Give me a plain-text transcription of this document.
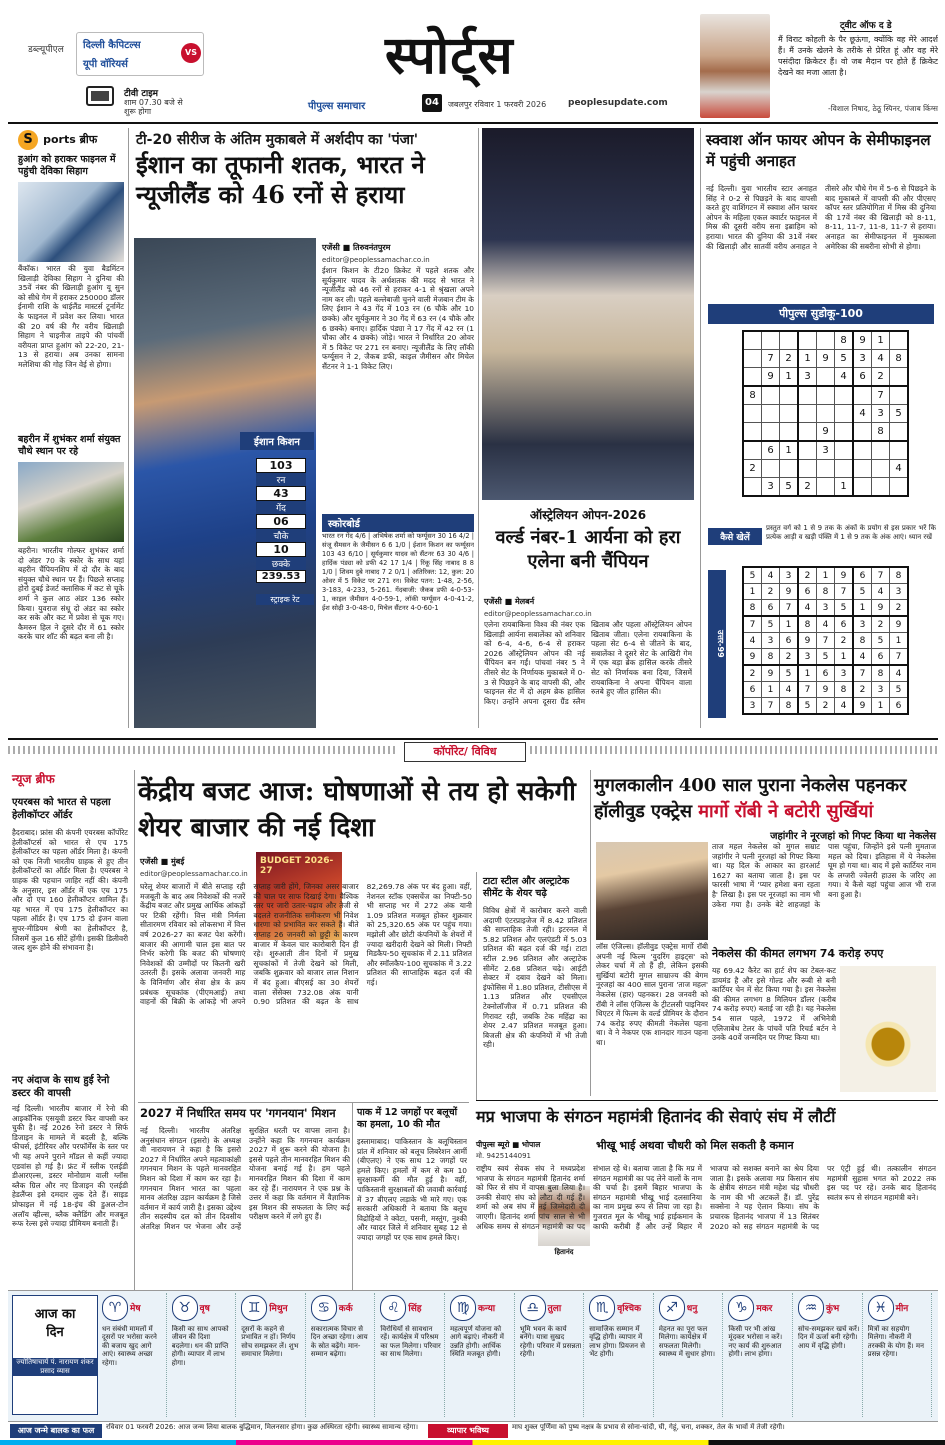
डब्ल्यूपीएल दिल्ली कैपिटल्स
यूपी वॉरियर्स
VS
टीवी टाइम
शाम 07.30 बजे से शुरू होगा
स्पोर्ट्स
पीपुल्स समाचार	04	जबलपुर रविवार 1 फरवरी 2026 peoplesupdate.com
ट्वीट ऑफ द डे
मैं विराट कोहली के पैर छूऊंगा, क्योंकि वह मेरे आदर्श हैं। मैं उनके खेलने के तरीके से प्रेरित हूं और वह मेरे पसंदीदा क्रिकेटर हैं। वो जब मैदान पर होते हैं क्रिकेट देखने का मजा आता है।
-विशाल निषाद, ठेठू स्पिनर, पंजाब किंग्स
S ports ब्रीफ
हुआंग को हराकर फाइनल में पहुंची देविका सिहाग
बैंकॉक। भारत की युवा बैडमिंटन खिलाड़ी देविका सिहाग ने दुनिया की 35वें नंबर की खिलाड़ी हुआंग यू सुन को सीधे गेम में हराकर 250000 डॉलर ईनामी राशि के थाईलैंड मास्टर्स टूर्नामेंट के फाइनल में प्रवेश कर लिया। भारत की 20 वर्ष की गैर वरीय खिलाड़ी सिहाग ने चाइनीज ताइपे की पांचवीं वरीयता प्राप्त हुआंग को 22-20, 21-13 से हराया। अब उनका सामना मलेशिया की गोह जिन वेई से होगा।
बहरीन में शुभंकर शर्मा संयुक्त चौथे स्थान पर रहे
बहरीन। भारतीय गोल्फर शुभंकर शर्मा दो अंडर 70 के स्कोर के साथ यहां बहरीन चैंपियनशिप में दो दौर के बाद संयुक्त चौथे स्थान पर हैं। पिछले सप्ताह होरो दुबई डेजर्ट क्लासिक में कट से चूके शर्मा ने कुल आठ अंडर 136 स्कोर किया। युवराज संधू दो अंडर का स्कोर कर सके और कट में प्रवेश से चूक गए। कैमरुन हिल ने दूसरे दौर में 61 स्कोर करके चार शॉट की बढ़त बना ली है।
टी-20 सीरीज के अंतिम मुकाबले में अर्शदीप का 'पंजा'
ईशान का तूफानी शतक, भारत ने न्यूजीलैंड को 46 रनों से हराया
ईशान किशन
103
रन
43
गेंद
06
चौके
10
छक्के
239.53
स्ट्राइक रेट
एजेंसी ■ तिरुवनंतपुरम
editor@peoplessamachar.co.in
ईशान किशन के टी20 क्रिकेट में पहले शतक और सूर्यकुमार यादव के अर्धशतक की मदद से भारत ने न्यूजीलैंड को 46 रनों से हराकर 4-1 से श्रृंखला अपने नाम कर ली। पहले बल्लेबाजी चुनने वाली मेजबान टीम के लिए ईशान ने 43 गेंद में 103 रन (6 चौके और 10 छक्के) और सूर्यकुमार ने 30 गेंद में 63 रन (4 चौके और 6 छक्के) बनाए। हार्दिक पंड्या ने 17 गेंद में 42 रन (1 चौका और 4 छक्के) जोड़े। भारत ने निर्धारित 20 ओवर में 5 विकेट पर 271 रन बनाए। न्यूजीलैंड के लिए लॉकी फर्ग्यूसन ने 2, जैकब डफी, काइल जैमीसन और मिचेल सैंटनर ने 1-1 विकेट लिए।
स्कोरबोर्ड
भारत रन गेंद 4/6 | अभिषेक शर्मा को फर्ग्यूसन 30 16 4/2 | संजू सैमसन के जैमीसन 6 6 1/0 | ईशान किशन का फर्ग्यूसन 103 43 6/10 | सूर्यकुमार यादव को सैंटनर 63 30 4/6 | हार्दिक पंड्या को डफी 42 17 1/4 | रिंकू सिंह नाबाद 8 8 1/0 | शिवम दुबे नाबाद 7 2 0/1 | अतिरिक्त: 12, कुल: 20 ओवर में 5 विकेट पर 271 रन। विकेट पतन: 1-48, 2-56, 3-183, 4-233, 5-261. गेंदबाजी: जैकब डफी 4-0-53-1, काइल जैमीसन 4-0-59-1, लॉकी फर्ग्यूसन 4-0-41-2, ईश सोढ़ी 3-0-48-0, मिचेल सैंटनर 4-0-60-1
ऑस्ट्रेलियन ओपन-2026
वर्ल्ड नंबर-1 आर्यना को हरा एलेना बनी चैंपियन
एजेंसी ■ मेलबर्न
editor@peoplessamachar.co.in
एलेना रायबाकिना विश्व की नंबर एक खिलाड़ी आर्यना सबालेंका को शनिवार को 6-4, 4-6, 6-4 से हराकर 2026 ऑस्ट्रेलियन ओपन की नई चैंपियन बन गईं। पांचवां नंबर 5 ने तीसरे सेट के निर्णायक मुकाबले में 0-3 से पिछड़ने के बाद वापसी की, और फाइनल सेट में दो अहम ब्रेक हासिल किए। उन्होंने अपना दूसरा ग्रैंड स्लैम खिताब और पहला ऑस्ट्रेलियन ओपन खिताब जीता। एलेना रायबाकिना के पहला सेट 6-4 से जीतने के बाद, सबालेंका ने दूसरे सेट के आखिरी गेम में एक बड़ा ब्रेक हासिल करके तीसरे सेट को निर्णायक बना दिया, जिसमें रायबाकिना ने अपना चैंपियन वाला रुतबे हुए जीत हासिल की।
स्क्वाश ऑन फायर ओपन के सेमीफाइनल में पहुंची अनाहत
नई दिल्ली। युवा भारतीय स्टार अनाहत सिंह ने 0-2 से पिछड़ने के बाद वापसी करते हुए वाशिंगटन में स्क्वाश ऑन फायर ओपन के महिला एकल क्वार्टर फाइनल में मिस्र की दूसरी वरीय सना इब्राहिम को हराया। भारत की दुनिया की 31वें नंबर की खिलाड़ी और सातवीं वरीय अनाहत ने तीसरे और चौथे गेम में 5-6 से पिछड़ने के बाद मुकाबले में वापसी की और पीएसए कॉपर स्तर प्रतियोगिता में मिस्र की दुनिया की 17वें नंबर की खिलाड़ी को 8-11, 8-11, 11-7, 11-8, 11-7 से हराया। अनाहत का सेमीफाइनल में मुकाबला अमेरिका की सबरीना सोभी से होगा।
पीपुल्स सुडोकू-100
					8	9	1	
	7	2	1	9	5	3	4	8
	9	1	3		4	6	2	
8							7	
						4	3	5
				9			8	
	6	1		3				
2								4
	3	5	2		1			
कैसे खेलें
प्रस्तुत वर्ग को 1 से 9 तक के अंकों के प्रयोग से इस प्रकार भरें कि प्रत्येक आड़ी व खड़ी पंक्ति में 1 से 9 तक के अंक आएं। ध्यान रखें
उत्तर-99
5	4	3	2	1	9	6	7	8
1	2	9	6	8	7	5	4	3
8	6	7	4	3	5	1	9	2
7	5	1	8	4	6	3	2	9
4	3	6	9	7	2	8	5	1
9	8	2	3	5	1	4	6	7
2	9	5	1	6	3	7	8	4
6	1	4	7	9	8	2	3	5
3	7	8	5	2	4	9	1	6
कॉर्पोरेट/ विविध
न्यूज ब्रीफ
एयरबस को भारत से पहला हेलीकॉप्टर ऑर्डर
हैदराबाद। फ्रांस की कंपनी एयरबस कॉर्पोरेट हेलीकॉप्टर्स को भारत से एच 175 हेलीकॉप्टर का पहला ऑर्डर मिला है। कंपनी को एक निजी भारतीय ग्राहक से हुए तीन हेलीकॉप्टरों का ऑर्डर मिला है। एयरबस ने ग्राहक की पहचान जाहिर नहीं की। कंपनी के अनुसार, इस ऑर्डर में एक एच 175 और दो एच 160 हेलीकॉप्टर शामिल हैं। यह भारत में एच 175 हेलीकॉप्टर का पहला ऑर्डर है। एच 175 दो इंजन वाला सुपर-मीडियम श्रेणी का हेलीकॉप्टर है, जिसमें कुल 16 सीटें होंगी। इसकी डिलीवरी जल्द शुरू होने की संभावना है।
नए अंदाज के साथ हुई रेनो डस्टर की वापसी
नई दिल्ली। भारतीय बाजार में रेनो की आइकॉनिक एसयूवी डस्टर फिर वापसी कर चुकी है। नई 2026 रेनो डस्टर ने सिर्फ डिजाइन के मामले में बदली है, बल्कि फीचर्स, इंटीरियर और परफॉर्मेंस के स्तर पर भी यह अपने पुराने मॉडल से कहीं ज्यादा एडवांस हो गई है। फ्रंट में स्लीक एलईडी डीआरएल्स, डस्टर मोनोग्राम वाली ग्लॉस ब्लैक ग्रिल और नए डिजाइन की एलईडी हेडलैंप्स इसे दमदार लुक देते हैं। साइड प्रोफाइल में नई 18-इंच की डुअल-टोन अलॉय व्हील्स, ब्लैक क्लैडिंग और मजबूत रूफ रेल्स इसे ज्यादा प्रीमियम बनाती हैं।
केंद्रीय बजट आज: घोषणाओं से तय हो सकेगी शेयर बाजार की नई दिशा
एजेंसी ■ मुंबई
editor@peoplessamachar.co.in
BUDGET 2026-27
घरेलू शेयर बाजारों में बीते सप्ताह रही मजबूती के बाद अब निवेशकों की नजरें केंद्रीय बजट और प्रमुख आर्थिक आंकड़ों पर टिकी रहेंगी। वित्त मंत्री निर्मला सीतारमण रविवार को लोकसभा में वित्त वर्ष 2026-27 का बजट पेश करेंगी। बाजार की आगामी चाल इस बात पर निर्भर करेगी कि बजट की घोषणाएं निवेशकों की उम्मीदों पर कितनी खरी उतरती हैं। इसके अलावा जनवरी माह के विनिर्माण और सेवा क्षेत्र के क्रय प्रबंधक सूचकांक (पीएमआई) तथा वाहनों की बिक्री के आंकड़े भी अपने सप्ताह जारी होंगे, जिनका असर बाजार की चाल पर साफ दिखाई देगा। वैश्विक स्तर पर जारी उतार-चढ़ाव और तेजी से बदलते राजनीतिक समीकरण भी निवेश धारणा को प्रभावित कर सकते हैं। बीते सप्ताह 26 जनवरी को छुट्टी के कारण बाजार में केवल चार कारोबारी दिन ही रहे। शुरुआती तीन दिनों में प्रमुख सूचकांकों में तेजी देखने को मिली, जबकि शुक्रवार को बाजार लाल निशान में बंद हुआ। बीएसई का 30 शेयरों वाला सेंसेक्स 732.08 अंक यानी 0.90 प्रतिशत की बढ़त के साथ 82,269.78 अंक पर बंद हुआ। वहीं, नेशनल स्टॉक एक्सचेंज का निफ्टी-50 भी सप्ताह भर में 272 अंक यानी 1.09 प्रतिशत मजबूत होकर शुक्रवार को 25,320.65 अंक पर पहुंच गया। मझोली और छोटी कंपनियों के शेयरों में ज्यादा खरीदारी देखने को मिली। निफ्टी मिडकैप-50 सूचकांक में 2.11 प्रतिशत और स्मॉलकैप-100 सूचकांक में 3.22 प्रतिशत की साप्ताहिक बढ़त दर्ज की गई।
टाटा स्टील और अल्ट्राटेक सीमेंट के शेयर चढ़े
विविध क्षेत्रों में कारोबार करने वाली अदाणी एंटरप्राइजेज में 8.42 प्रतिशत की साप्ताहिक तेजी रही। इटरनल में 5.82 प्रतिशत और एलएंडटी में 5.03 प्रतिशत की बढ़त दर्ज की गई। टाटा स्टील 2.96 प्रतिशत और अल्ट्राटेक सीमेंट 2.68 प्रतिशत चढ़े। आईटी सेक्टर में दबाव देखने को मिला। इंफोसिस में 1.80 प्रतिशत, टीसीएस में 1.13 प्रतिशत और एचसीएल टेक्नोलॉजीज में 0.71 प्रतिशत की गिरावट रही, जबकि टेक महिंद्रा का शेयर 2.47 प्रतिशत मजबूत हुआ। बिजली क्षेत्र की कंपनियों में भी तेजी रही।
2027 में निर्धारित समय पर 'गगनयान' मिशन
नई दिल्ली। भारतीय अंतरिक्ष अनुसंधान संगठन (इसरो) के अध्यक्ष वी नारायणन ने कहा है कि इसरो 2027 में निर्धारित अपने महत्वाकांक्षी गगनयान मिशन के पहले मानवरहित मिशन को दिशा में काम कर रहा है। गगनयान मिशन भारत का पहला मानव अंतरिक्ष उड़ान कार्यक्रम है जिसे वर्तमान में कार्य जारी है। इसका उद्देश्य तीन सदस्यीय दल को तीन दिवसीय अंतरिक्ष मिशन पर भेजना और उन्हें सुरक्षित धरती पर वापस लाना है। उन्होंने कहा कि गगनयान कार्यक्रम 2027 में शुरू करने की योजना है। इससे पहले तीन मानवरहित मिशन की योजना बनाई गई है। हम पहले मानवरहित मिशन की दिशा में काम कर रहे हैं। नारायणन ने एक प्रश्न के उत्तर में कहा कि वर्तमान में वैज्ञानिक इस मिशन की सफलता के लिए कई परीक्षण करने में लगे हुए हैं।
पाक में 12 जगहों पर बलूचों का हमला, 10 की मौत
इस्लामाबाद। पाकिस्तान के बलूचिस्तान प्रांत में शनिवार को बलूच लिबरेशन आर्मी (बीएलए) ने एक साथ 12 जगहों पर हमले किए। हमलों में कम से कम 10 सुरक्षाकर्मी की मौत हुई है। वहीं, पाकिस्तानी सुरक्षाबलों की जवाबी कार्रवाई में 37 बीएलए लड़ाके भी मारे गए। एक सरकारी अधिकारी ने बताया कि बलूच विद्रोहियों ने क्वेटा, पसनी, मस्तुंग, नुश्की और ग्वादर जिले में शनिवार सुबह 12 से ज्यादा जगहों पर एक साथ हमले किए।
मुगलकालीन 400 साल पुराना नेकलेस पहनकर
हॉलीवुड एक्ट्रेस मार्गो रॉबी ने बटोरी सुर्खियां
जहांगीर ने नूरजहां को गिफ्ट किया था नेकलेस
लॉस एंजिल्स। हॉलीवुड एक्ट्रेस मार्गो रॉबी अपनी नई फिल्म 'वुदरिंग हाइट्स' को लेकर चर्चा में तो हैं ही, लेकिन इसकी सुर्खियां बटोरी मुगल साम्राज्य की बेगम नूरजहां का 400 साल पुराना 'ताज महल' नेकलेस (हार) पहनकर। 28 जनवरी को रॉबी ने लॉस एंजिल्स के ट्रीटलसी पाइनियर थिएटर में फिल्म के वर्ल्ड प्रीमियर के दौरान 74 करोड़ रुपए कीमती नेकलेस पहना था। वे ने नेकपर एक शानदार गाउन पहना था।
ताज महल नेकलेस को मुगल सम्राट जहांगीर ने पत्नी नूरजहां को गिफ्ट किया था। यह दिल के आकार का हारआर्ट 1627 का बताया जाता है। इस पर फारसी भाषा में 'प्यार हमेशा बना रहता है' लिखा है। इस पर नूरजहां का नाम भी उकेरा गया है। उनके बेटे शाहजहां के पास पहुंचा, जिन्होंने इसे पत्नी मुमताज महल को दिया। इतिहास में ये नेकलेस घूम हो गया था। बाद में इसे कार्टियर नाम के लग्जरी ज्वेलरी हाउस के जरिए आ गया। ये कैसे यहां पहुंचा आज भी राज बना हुआ है।
नेकलेस की कीमत लगभग 74 करोड़ रुपए
यह 69.42 कैरेट का हार्ट शेप का टेबल-कट डायमंड है और इसे गोल्ड और रूबी से बनी कार्टियर चेन में सेट किया गया है। इस नेकलेस की कीमत लगभग 8 मिलियन डॉलर (करीब 74 करोड़ रुपए) बताई जा रही है। यह नेकलेस 54 साल पहले, 1972 में अभिनेत्री एलिजाबेथ टेलर के पांचवें पति रिचर्ड बर्टन ने उनके 40वें जन्मदिन पर गिफ्ट किया था।
मप्र भाजपा के संगठन महामंत्री हितानंद की सेवाएं संघ में लौटीं
भीखू भाई अथवा चौधरी को मिल सकती है कमान
पीपुल्स ब्यूरो ■ भोपाल
मो. 9425144091
हितानंद
राष्ट्रीय स्वयं सेवक संघ ने मध्यप्रदेश भाजपा के संगठन महामंत्री हितानंद शर्मा को फिर से संघ में वापस बुला लिया है। उनकी सेवाएं संघ को लौटा दी गई हैं। शर्मा को अब संघ में नई जिम्मेदारी दी जाएगी। हितानंद शर्मा पांच साल से भी अधिक समय से संगठन महामंत्री का पद संभाल रहे थे। बताया जाता है कि मप्र में संगठन महामंत्री का पद लेने वालों के नाम की चर्चा है। इसमें बिहार भाजपा के संगठन महामंत्री भीखू भाई दलसानिया का नाम प्रमुख रूप से लिया जा रहा है। गुजरात मूल के भीखू भाई हाईकमान के काफी करीबी हैं और उन्हें बिहार में भाजपा को सशक्त बनाने का श्रेय दिया जाता है। इसके अलावा मप्र किसान संघ के क्षेत्रीय संगठन मंत्री महेश चंद्र चौधरी के नाम की भी अटकलें हैं। डॉ. पुरेंद्र सक्सेना ने यह ऐलान किया। संघ के प्रचारक हितानंद भाजपा में 13 सितंबर 2020 को सह संगठन महामंत्री के पद पर एंट्री हुई थी। तत्कालीन संगठन महामंत्री सुहास भगत को 2022 तक इस पद पर रहे। उनके बाद हितानंद स्वतंत्र रूप से संगठन महामंत्री बने।
आज का
दिन
ज्योतिषाचार्य पं. नारायण शंकर प्रसाद व्यास
♈ मेष
धन संबंधी मामलों में दूसरों पर भरोसा करने की बजाय खुद आगे आएं। स्वास्थ्य अच्छा रहेगा।
♉ वृष
किसी का साथ आपको जीवन की दिशा बदलेगा। धन की प्राप्ति होगी। व्यापार में लाभ होगा।
♊ मिथुन
दूसरों के कहने से प्रभावित न हों। निर्णय सोच समझकर लें। शुभ समाचार मिलेगा।
♋ कर्क
सकारात्मक विचार से दिन अच्छा रहेगा। आय के स्रोत बढ़ेंगे। मान-सम्मान बढ़ेगा।
♌ सिंह
विरोधियों से सावधान रहें। कार्यक्षेत्र में परिश्रम का फल मिलेगा। परिवार का साथ मिलेगा।
♍ कन्या
महत्वपूर्ण योजना को आगे बढ़ाएं। नौकरी में उन्नति होगी। आर्थिक स्थिति मजबूत होगी।
♎ तुला
भूमि भवन के कार्य बनेंगे। यात्रा सुखद रहेगी। परिवार में प्रसन्नता रहेगी।
♏ वृश्चिक
सामाजिक सम्मान में वृद्धि होगी। व्यापार में लाभ होगा। प्रियजन से भेंट होगी।
♐ धनु
मेहनत का पूरा फल मिलेगा। कार्यक्षेत्र में सफलता मिलेगी। स्वास्थ्य में सुधार होगा।
♑ मकर
किसी पर भी आंख मूंदकर भरोसा न करें। नए कार्य की शुरुआत होगी। लाभ होगा।
♒ कुंभ
सोच-समझकर खर्च करें। दिन में ऊर्जा बनी रहेगी। आय में वृद्धि होगी।
♓ मीन
मित्रों का सहयोग मिलेगा। नौकरी में तरक्की के योग हैं। मन प्रसन्न रहेगा।
आज जन्मे बालक का फल	रविवार 01 फरवरी 2026: आज जन्म लिया बालक बुद्धिमान, मिलनसार होगा। कुछ अस्थिरता रहेगी। स्वास्थ्य सामान्य रहेगा।	व्यापार भविष्य	माघ शुक्ल पूर्णिमा को पुष्य नक्षत्र के प्रभाव से सोना-चांदी, घी, गेहूं, चना, शक्कर, तेल के भावों में तेजी रहेगी।
